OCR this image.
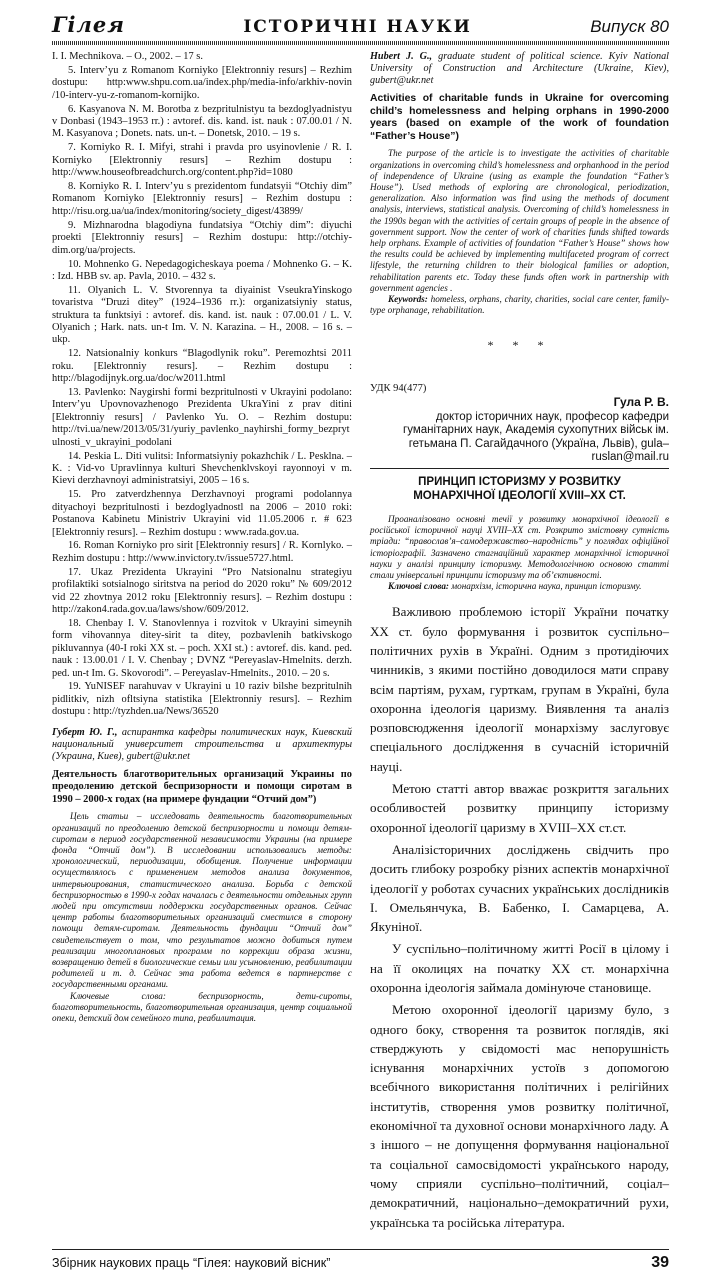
Гілея	ІСТОРИЧНІ НАУКИ	Випуск 80

I. I. Mechnikova. – O., 2002. – 17 s.

5. Interv’yu z Romanom Korniyko [Elektronniy resurs] – Rezhim dostupu: http:www.shpu.com.ua/index.php/media-info/arkhiv-novin /10-interv-yu-z-romanom-kornijko.

6. Kasyanova N. M. Borotba z bezpritulnistyu ta bezdoglyadnistyu v Donbasi (1943–1953 rr.) : avtoref. dis. kand. ist. nauk : 07.00.01 / N. M. Kasyanova ; Donets. nats. un-t. – Donetsk, 2010. – 19 s.

7. Korniyko R. I. Mifyi, strahi i pravda pro usyinovlenie / R. I. Korniyko [Elektronniy resurs] – Rezhim dostupu : http://www.houseofbreadchurch.org/content.php?id=1080

8. Korniyko R. I. Interv’yu s prezidentom fundatsyii “Otchiy dim” Romanom Korniyko [Elektronniy resurs] – Rezhim dostupu : http://risu.org.ua/ua/index/monitoring/society_digest/43899/

9. Mizhnarodna blagodiyna fundatsiya “Otchiy dim”: diyuchi proekti [Elektronniy resurs] – Rezhim dostupu: http://otchiy-dim.org/ua/projects.

10. Mohnenko G. Nepedagogicheskaya poema / Mohnenko G. – K. : Izd. HBB sv. ap. Pavla, 2010. – 432 s.

11. Olyanich L. V. Stvorennya ta diyainist VseukraYinskogo tovaristva “Druzi ditey” (1924–1936 rr.): organizatsiyniy status, struktura ta funktsiyi : avtoref. dis. kand. ist. nauk : 07.00.01 / L. V. Olyanich ; Hark. nats. un-t Im. V. N. Karazina. – H., 2008. – 16 s. – ukp.

12. Natsionalniy konkurs “Blagodlynik roku”. Peremozhtsi 2011 roku. [Elektronniy resurs]. – Rezhim dostupu : http://blagodijnyk.org.ua/doc/w2011.html

13. Pavlenko: Naygirshi formi bezpritulnosti v Ukrayini podolano: Interv’yu Upovnovazhenogo Prezidenta UkraYini z prav ditini [Elektronniy resurs] / Pavlenko Yu. O. – Rezhim dostupu: http://tvi.ua/new/2013/05/31/yuriy_pavlenko_nayhirshi_formy_bezprytulnosti_v_ukrayini_podolani

14. Peskia L. Diti vulitsi: Informatsiyniy pokazhchik / L. Pesklna. – K. : Vid-vo Upravlinnya kulturi Shevchenklvskoyi rayonnoyi v m. Kievi derzhavnoyi administratsiyi, 2005 – 16 s.

15. Pro zatverdzhennya Derzhavnoyi programi podolannya dityachoyi bezpritulnosti i bezdoglyadnostl na 2006 – 2010 roki: Postanova Kabinetu Ministriv Ukrayini vid 11.05.2006 r. # 623 [Elektronniy resurs]. – Rezhim dostupu : www.rada.gov.ua.

16. Roman Korniyko pro sirit [Elektronniy resurs] / R. Kornlyko. – Rezhim dostupu : http://www.invictory.tv/issue5727.html.

17. Ukaz Prezidenta Ukrayini “Pro Natsionalnu strategiyu profilaktiki sotsialnogo siritstva na period do 2020 roku” № 609/2012 vid 22 zhovtnya 2012 roku [Elektronniy resurs]. – Rezhim dostupu : http://zakon4.rada.gov.ua/laws/show/609/2012.

18. Chenbay I. V. Stanovlennya i rozvitok v Ukrayini simeynih form vihovannya ditey-sirit ta ditey, pozbavlenih batkivskogo pikluvannya (40-I roki XX st. – poch. XXI st.) : avtoref. dis. kand. ped. nauk : 13.00.01 / I. V. Chenbay ; DVNZ “Pereyaslav-Hmelnits. derzh. ped. un-t Im. G. Skovorodi”. – Pereyaslav-Hmelnits., 2010. – 20 s.

19. YuNISEF narahuvav v Ukrayini u 10 raziv bilshe bezpritulnih pidlitkiv, nizh ofltsiyna statistika [Elektronniy resurs]. – Rezhim dostupu : http://tyzhden.ua/News/36520

Губерт Ю. Г., аспирантка кафедры политических наук, Киевский национальный университет строительства и архитектуры (Украина, Киев), gubert@ukr.net
Деятельность благотворительных организаций Украины по преодолению детской беспризорности и помощи сиротам в 1990 – 2000-х годах (на примере фундации “Отчий дом”)

Цель статьи – исследовать деятельность благотворительных организаций по преодолению детской беспризорности и помощи детям-сиротам в период государственной независимости Украины (на примере фонда “Отчий дом”). В исследовании использовались методы: хронологический, периодизации, обобщения. Получение информации осуществлялось с применением методов анализа документов, интервьюирования, статистического анализа. Борьба с детской беспризорностью в 1990-х годах началась с деятельности отдельных групп людей при отсутствии поддержки государственных органов. Сейчас центр работы благотворительных организаций сместился в сторону помощи детям-сиротам. Деятельность фундации “Отчий дом” свидетельствует о том, что результатов можно добиться путем реализации многоплановых программ по коррекции образа жизни, возвращению детей в биологические семьи или усыновлению, реабилитации родителей и т. д. Сейчас эта работа ведется в партнерстве с государственными органами.

Ключевые слова:	беспризорность, дети-сироты, благотворительность, благотворительная организация, центр социальной опеки, детский дом семейного типа, реабилитация.

Hubert J. G., graduate student of political science. Kyiv National University of Construction and Architecture (Ukraine, Kiev), gubert@ukr.net
Activities of charitable funds in Ukraine for overcoming child’s homelessness and helping orphans in 1990-2000 years (based on example of the work of foundation “Father’s House”)

The purpose of the article is to investigate the activities of charitable organizations in overcoming child’s homelessness and orphanhood in the period of independence of Ukraine (using as example the foundation “Father’s House”). Used methods of exploring are chronological, periodization, generalization. Also information was find using the methods of document analysis, interviews, statistical analysis. Overcoming of child’s homelessness in the 1990s began with the activities of certain groups of people in the absence of government support. Now the center of work of charities funds shifted towards help orphans. Example of activities of foundation “Father’s House” shows how the results could be achieved by implementing multifaceted program of correct lifestyle, the returning children to their biological families or adoption, rehabilitation parents etc. Today these funds often work in partnership with government agencies .

Keywords: homeless, orphans, charity, charities, social care center, family-type orphanage, rehabilitation.

* * *
УДК 94(477)
Гула Р. В.
доктор історичних наук, професор кафедри гуманітарних наук, Академія сухопутних військ ім. гетьмана П. Сагайдачного (Україна, Львів), gula–ruslan@mail.ru
ПРИНЦИП ІСТОРИЗМУ У РОЗВИТКУ
МОНАРХІЧНОЇ ІДЕОЛОГІЇ XVIII–XX СТ.

Проаналізовано основні течії у розвитку монархічної ідеології в російської історичної науці XVIII–XX ст. Розкрито змістовну сутність тріади: “православ’я–самодержавство–народність” у поглядах офіційної історіографії. Зазначено стагнаційний характер монархічної історичної науки у аналізі принципу історизму. Методологічною основою статті стали універсальні принципи історизму та об’єктивності.

Ключові слова: монархізм, історична наука, принцип історизму.

Важливою проблемою історії України початку XX ст. було формування і розвиток суспільно–політичних рухів в Україні. Одним з протидіючих чинників, з якими постійно доводилося мати справу всім партіям, рухам, гурткам, групам в Україні, була охоронна ідеологія царизму. Виявлення та аналіз розповсюдження ідеології монархізму заслуговує спеціального дослідження в сучасній історичній науці.

Метою статті автор вважає розкриття загальних особливостей розвитку принципу історизму охоронної ідеології царизму в XVIII–XX ст.ст.

Аналізісторичних досліджень свідчить про досить глибоку розробку різних аспектів монархічної ідеології у роботах сучасних українських дослідників І. Омельянчука, В. Бабенко, І. Самарцева, А. Якуніної.

У суспільно–політичному житті Росії в цілому і на її околицях на початку XX ст. монархічна охоронна ідеологія займала домінуюче становище.

Метою охоронної ідеології царизму було, з одного боку, створення та розвиток поглядів, які стверджують у свідомості мас непорушність існування монархічних устоїв з допомогою всебічного використання політичних і релігійних інститутів, створення умов розвитку політичної, економічної та духовної основи монархічного ладу. А з іншого – не допущення формування національної та соціальної самосвідомості українського народу, чому сприяли суспільно–політичний, соціал–демократичний, національно–демократичний рухи, українська та російська література.

Збірник наукових праць “Гілея: науковий вісник”	39
